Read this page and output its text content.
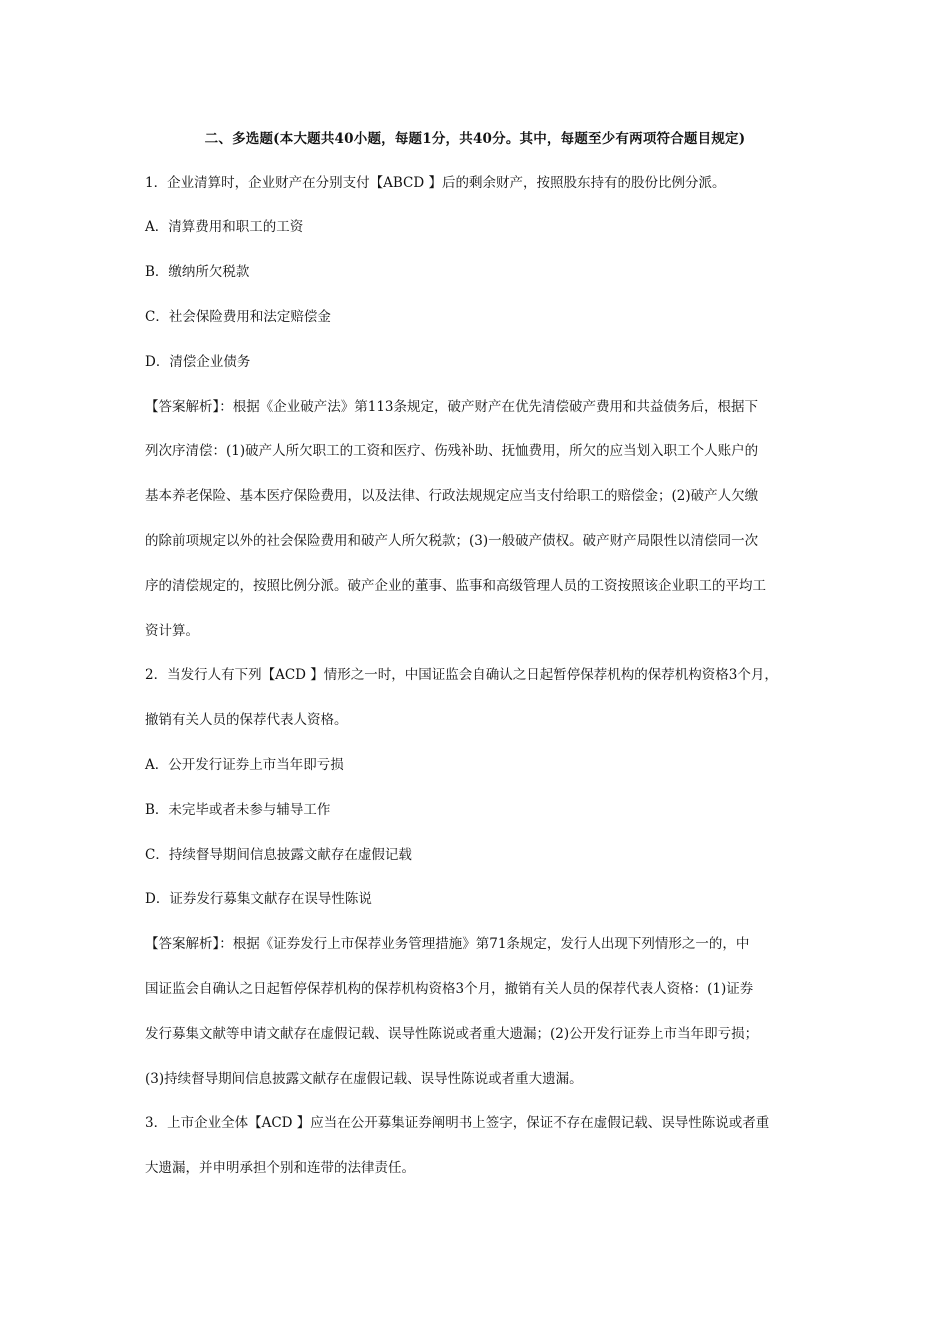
二、多选题(本大题共40小题，每题1分，共40分。其中，每题至少有两项符合题目规定)
1．企业清算时，企业财产在分别支付【ABCD 】后的剩余财产，按照股东持有的股份比例分派。
A．清算费用和职工的工资
B．缴纳所欠税款
C．社会保险费用和法定赔偿金
D．清偿企业债务
【答案解析】：根据《企业破产法》第113条规定，破产财产在优先清偿破产费用和共益债务后，根据下
列次序清偿：(1)破产人所欠职工的工资和医疗、伤残补助、抚恤费用，所欠的应当划入职工个人账户的
基本养老保险、基本医疗保险费用，以及法律、行政法规规定应当支付给职工的赔偿金；(2)破产人欠缴
的除前项规定以外的社会保险费用和破产人所欠税款；(3)一般破产债权。破产财产局限性以清偿同一次
序的清偿规定的，按照比例分派。破产企业的董事、监事和高级管理人员的工资按照该企业职工的平均工
资计算。
2．当发行人有下列【ACD 】情形之一时，中国证监会自确认之日起暂停保荐机构的保荐机构资格3个月，
撤销有关人员的保荐代表人资格。
A．公开发行证券上市当年即亏损
B．未完毕或者未参与辅导工作
C．持续督导期间信息披露文献存在虚假记载
D．证券发行募集文献存在误导性陈说
【答案解析】：根据《证券发行上市保荐业务管理措施》第71条规定，发行人出现下列情形之一的，中
国证监会自确认之日起暂停保荐机构的保荐机构资格3个月，撤销有关人员的保荐代表人资格：(1)证券
发行募集文献等申请文献存在虚假记载、误导性陈说或者重大遗漏；(2)公开发行证券上市当年即亏损；
(3)持续督导期间信息披露文献存在虚假记载、误导性陈说或者重大遗漏。
3．上市企业全体【ACD 】应当在公开募集证券阐明书上签字，保证不存在虚假记载、误导性陈说或者重
大遗漏，并申明承担个别和连带的法律责任。
